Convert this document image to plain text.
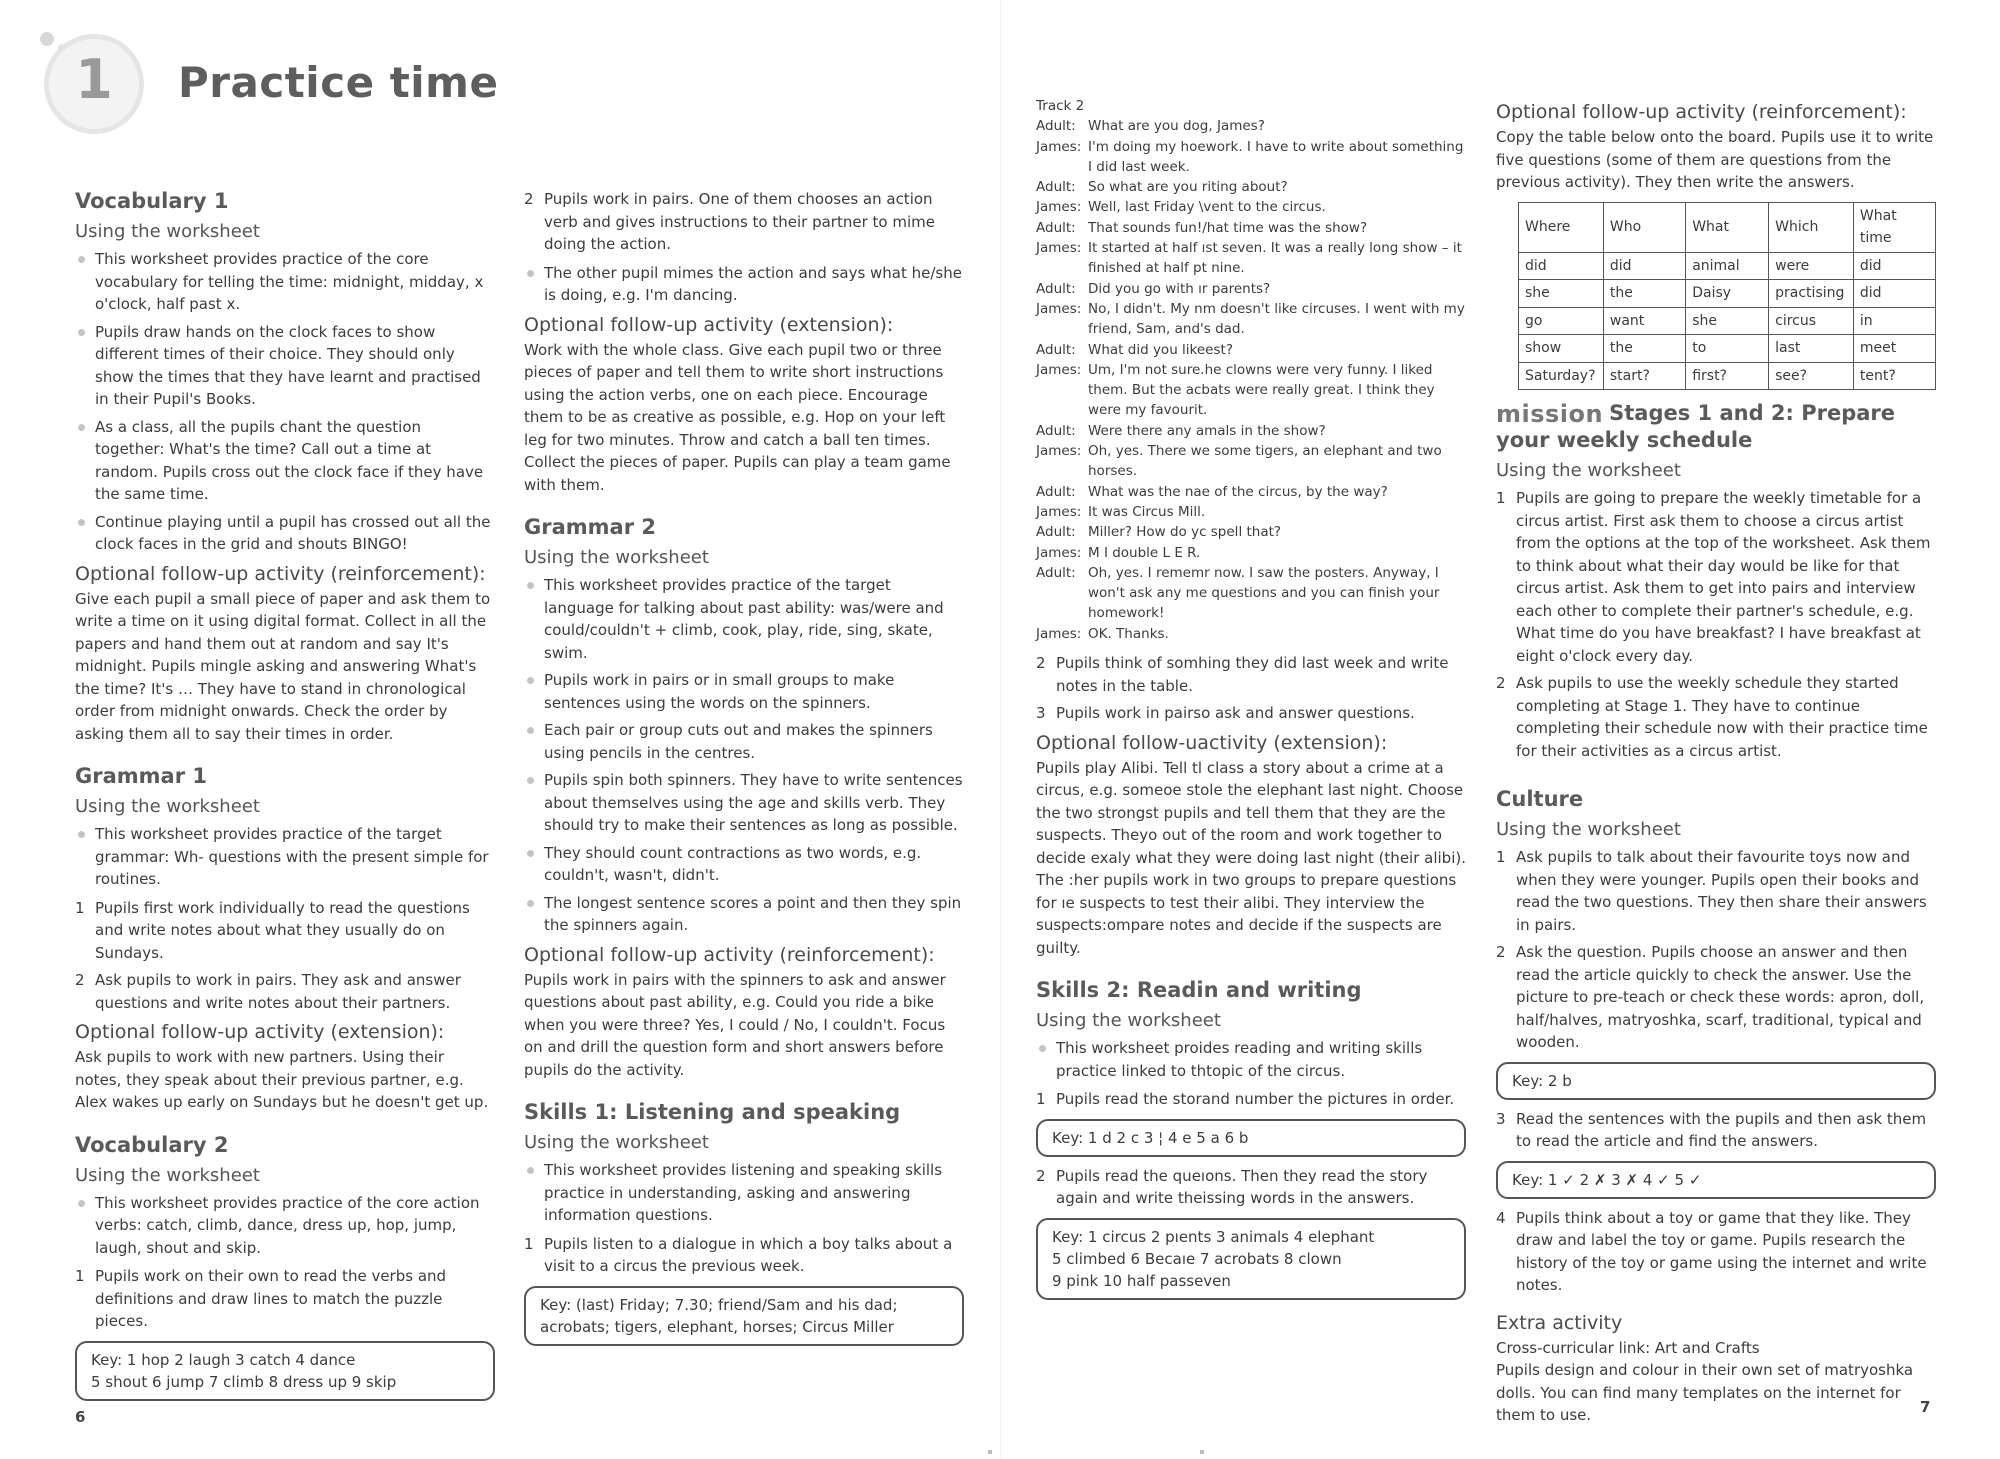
1	Practice time
Vocabulary 1
Using the worksheet
This worksheet provides practice of the core vocabulary for telling the time: midnight, midday, x o'clock, half past x.
Pupils draw hands on the clock faces to show different times of their choice. They should only show the times that they have learnt and practised in their Pupil's Books.
As a class, all the pupils chant the question together: What's the time? Call out a time at random. Pupils cross out the clock face if they have the same time.
Continue playing until a pupil has crossed out all the clock faces in the grid and shouts BINGO!
Optional follow-up activity (reinforcement):

Give each pupil a small piece of paper and ask them to write a time on it using digital format. Collect in all the papers and hand them out at random and say It's midnight. Pupils mingle asking and answering What's the time? It's … They have to stand in chronological order from midnight onwards. Check the order by asking them all to say their times in order.

Grammar 1
Using the worksheet
This worksheet provides practice of the target grammar: Wh- questions with the present simple for routines.
1 Pupils first work individually to read the questions and write notes about what they usually do on Sundays.
2 Ask pupils to work in pairs. They ask and answer questions and write notes about their partners.
Optional follow-up activity (extension):

Ask pupils to work with new partners. Using their notes, they speak about their previous partner, e.g. Alex wakes up early on Sundays but he doesn't get up.

Vocabulary 2
Using the worksheet
This worksheet provides practice of the core action verbs: catch, climb, dance, dress up, hop, jump, laugh, shout and skip.
1 Pupils work on their own to read the verbs and definitions and draw lines to match the puzzle pieces.
Key: 1 hop 2 laugh 3 catch 4 dance
5 shout 6 jump 7 climb 8 dress up 9 skip
6
2 Pupils work in pairs. One of them chooses an action verb and gives instructions to their partner to mime doing the action.
The other pupil mimes the action and says what he/she is doing, e.g. I'm dancing.
Optional follow-up activity (extension):

Work with the whole class. Give each pupil two or three pieces of paper and tell them to write short instructions using the action verbs, one on each piece. Encourage them to be as creative as possible, e.g. Hop on your left leg for two minutes. Throw and catch a ball ten times. Collect the pieces of paper. Pupils can play a team game with them.

Grammar 2
Using the worksheet
This worksheet provides practice of the target language for talking about past ability: was/were and could/couldn't + climb, cook, play, ride, sing, skate, swim.
Pupils work in pairs or in small groups to make sentences using the words on the spinners.
Each pair or group cuts out and makes the spinners using pencils in the centres.
Pupils spin both spinners. They have to write sentences about themselves using the age and skills verb. They should try to make their sentences as long as possible.
They should count contractions as two words, e.g. couldn't, wasn't, didn't.
The longest sentence scores a point and then they spin the spinners again.
Optional follow-up activity (reinforcement):

Pupils work in pairs with the spinners to ask and answer questions about past ability, e.g. Could you ride a bike when you were three? Yes, I could / No, I couldn't. Focus on and drill the question form and short answers before pupils do the activity.

Skills 1: Listening and speaking
Using the worksheet
This worksheet provides listening and speaking skills practice in understanding, asking and answering information questions.
1 Pupils listen to a dialogue in which a boy talks about a visit to a circus the previous week.
Key: (last) Friday; 7.30; friend/Sam and his dad;
acrobats; tigers, elephant, horses; Circus Miller
Track 2
Adult: What are you dog, James?
James: I'm doing my hoework. I have to write about something I did last week.
Adult: So what are you riting about?
James: Well, last Friday \vent to the circus.
Adult: That sounds fun!/hat time was the show?
James: It started at half ıst seven. It was a really long show – it finished at half pt nine.
Adult: Did you go with ır parents?
James: No, I didn't. My nm doesn't like circuses. I went with my friend, Sam, and's dad.
Adult: What did you likeest?
James: Um, I'm not sure.he clowns were very funny. I liked them. But the acbats were really great. I think they were my favourit.
Adult: Were there any amals in the show?
James: Oh, yes. There we some tigers, an elephant and two horses.
Adult: What was the nae of the circus, by the way?
James: It was Circus Mill.
Adult: Miller? How do yc spell that?
James: M I double L E R.
Adult: Oh, yes. I rememr now. I saw the posters. Anyway, I won't ask any me questions and you can finish your homework!
James: OK. Thanks.
2 Pupils think of somhing they did last week and write notes in the table.
3 Pupils work in pairso ask and answer questions.
Optional follow-uactivity (extension):

Pupils play Alibi. Tell tl class a story about a crime at a circus, e.g. someoe stole the elephant last night. Choose the two strongst pupils and tell them that they are the suspects. Theyo out of the room and work together to decide exaly what they were doing last night (their alibi). The :her pupils work in two groups to prepare questions for ıe suspects to test their alibi. They interview the suspects:ompare notes and decide if the suspects are guilty.

Skills 2: Readin and writing
Using the worksheet
This worksheet proides reading and writing skills practice linked to thtopic of the circus.
1 Pupils read the storand number the pictures in order.
Key: 1 d 2 c 3 ¦ 4 e 5 a 6 b
2 Pupils read the queıons. Then they read the story again and write theissing words in the answers.
Key: 1 circus 2 pıents 3 animals 4 elephant
5 climbed 6 Becaıe 7 acrobats 8 clown
9 pink 10 half passeven
Optional follow-up activity (reinforcement):

Copy the table below onto the board. Pupils use it to write five questions (some of them are questions from the previous activity). They then write the answers.

Where	Who	What	Which	What time
did	did	animal	were	did
she	the	Daisy	practising	did
go	want	she	circus	in
show	the	to	last	meet
Saturday?	start?	first?	see?	tent?
mission Stages 1 and 2: Prepare your weekly schedule
Using the worksheet
1 Pupils are going to prepare the weekly timetable for a circus artist. First ask them to choose a circus artist from the options at the top of the worksheet. Ask them to think about what their day would be like for that circus artist. Ask them to get into pairs and interview each other to complete their partner's schedule, e.g. What time do you have breakfast? I have breakfast at eight o'clock every day.
2 Ask pupils to use the weekly schedule they started completing at Stage 1. They have to continue completing their schedule now with their practice time for their activities as a circus artist.
Culture
Using the worksheet
1 Ask pupils to talk about their favourite toys now and when they were younger. Pupils open their books and read the two questions. They then share their answers in pairs.
2 Ask the question. Pupils choose an answer and then read the article quickly to check the answer. Use the picture to pre-teach or check these words: apron, doll, half/halves, matryoshka, scarf, traditional, typical and wooden.
Key: 2 b
3 Read the sentences with the pupils and then ask them to read the article and find the answers.
Key: 1 ✓ 2 ✗ 3 ✗ 4 ✓ 5 ✓
4 Pupils think about a toy or game that they like. They draw and label the toy or game. Pupils research the history of the toy or game using the internet and write notes.
Extra activity

Cross-curricular link: Art and Crafts

Pupils design and colour in their own set of matryoshka dolls. You can find many templates on the internet for them to use.	7
